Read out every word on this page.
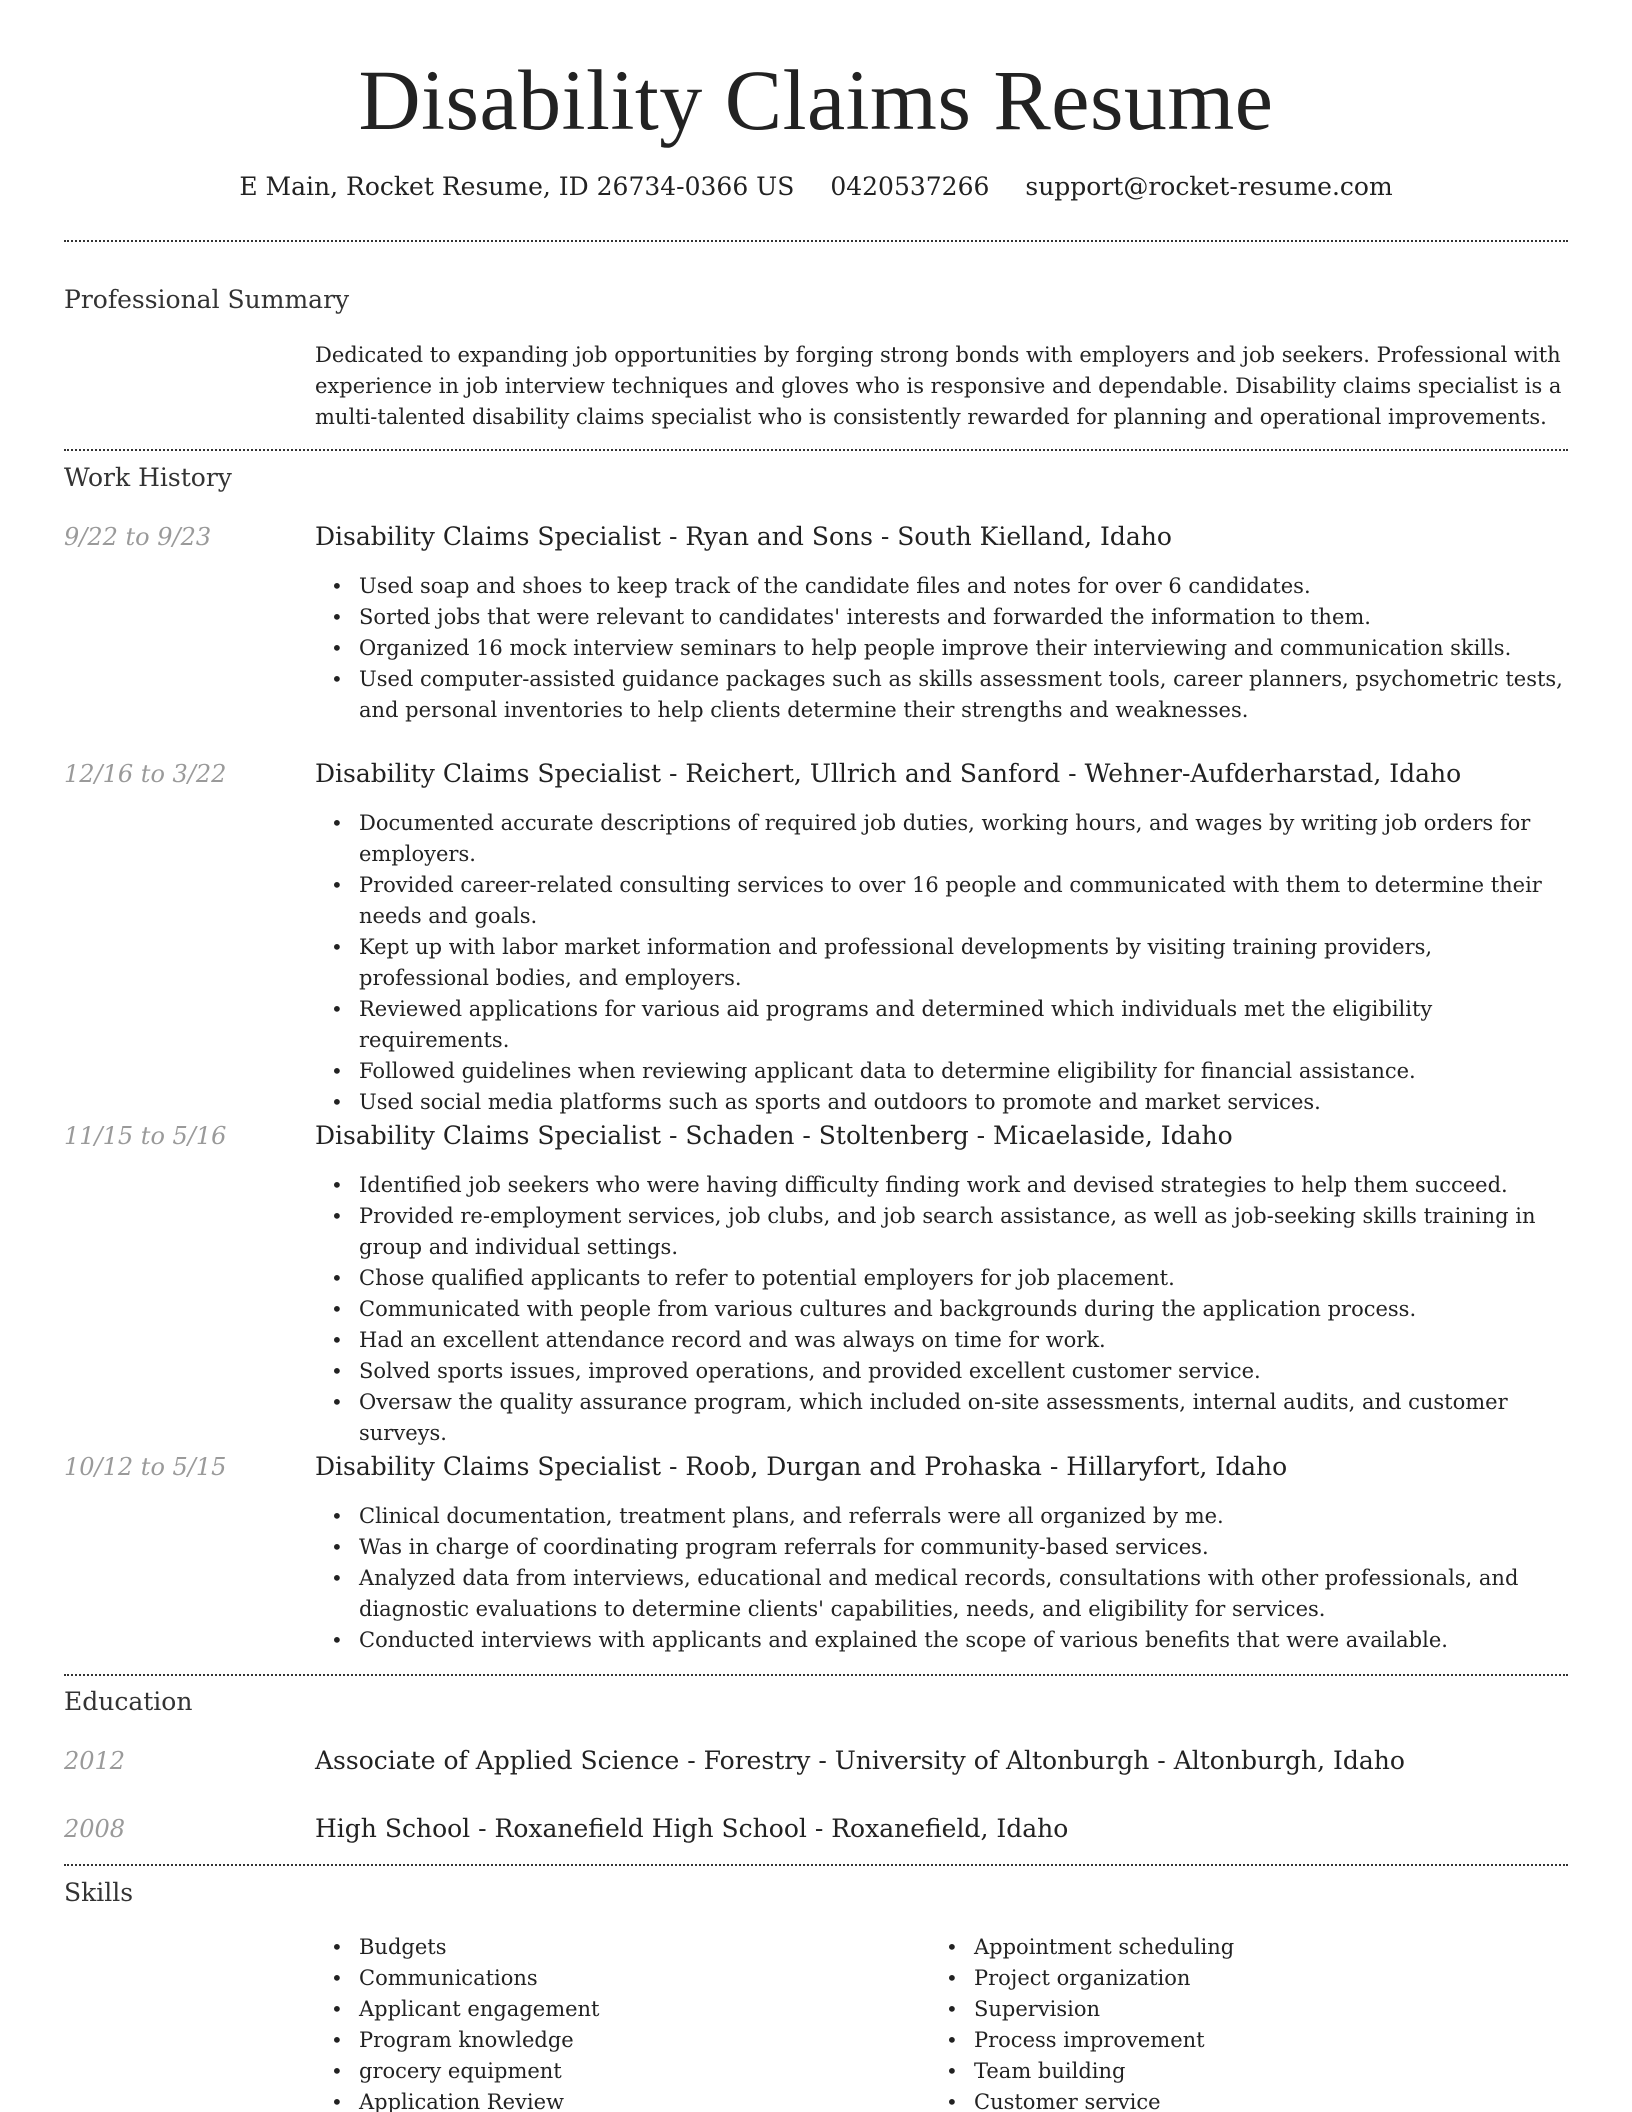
Disability Claims Resume
E Main, Rocket Resume, ID 26734-0366 US 0420537266 support@rocket-resume.com
Professional Summary

Dedicated to expanding job opportunities by forging strong bonds with employers and job seekers. Professional with experience in job interview techniques and gloves who is responsive and dependable. Disability claims specialist is a multi-talented disability claims specialist who is consistently rewarded for planning and operational improvements.

Work History
9/22 to 9/23	Disability Claims Specialist - Ryan and Sons - South Kielland, Idaho
• Used soap and shoes to keep track of the candidate files and notes for over 6 candidates.
• Sorted jobs that were relevant to candidates' interests and forwarded the information to them.
• Organized 16 mock interview seminars to help people improve their interviewing and communication skills.
• Used computer-assisted guidance packages such as skills assessment tools, career planners, psychometric tests, and personal inventories to help clients determine their strengths and weaknesses.
12/16 to 3/22	Disability Claims Specialist - Reichert, Ullrich and Sanford - Wehner-Aufderharstad, Idaho
• Documented accurate descriptions of required job duties, working hours, and wages by writing job orders for employers.
• Provided career-related consulting services to over 16 people and communicated with them to determine their needs and goals.
• Kept up with labor market information and professional developments by visiting training providers, professional bodies, and employers.
• Reviewed applications for various aid programs and determined which individuals met the eligibility requirements.
• Followed guidelines when reviewing applicant data to determine eligibility for financial assistance.
• Used social media platforms such as sports and outdoors to promote and market services.
11/15 to 5/16	Disability Claims Specialist - Schaden - Stoltenberg - Micaelaside, Idaho
• Identified job seekers who were having difficulty finding work and devised strategies to help them succeed.
• Provided re-employment services, job clubs, and job search assistance, as well as job-seeking skills training in group and individual settings.
• Chose qualified applicants to refer to potential employers for job placement.
• Communicated with people from various cultures and backgrounds during the application process.
• Had an excellent attendance record and was always on time for work.
• Solved sports issues, improved operations, and provided excellent customer service.
• Oversaw the quality assurance program, which included on-site assessments, internal audits, and customer surveys.
10/12 to 5/15	Disability Claims Specialist - Roob, Durgan and Prohaska - Hillaryfort, Idaho
• Clinical documentation, treatment plans, and referrals were all organized by me.
• Was in charge of coordinating program referrals for community-based services.
• Analyzed data from interviews, educational and medical records, consultations with other professionals, and diagnostic evaluations to determine clients' capabilities, needs, and eligibility for services.
• Conducted interviews with applicants and explained the scope of various benefits that were available.
Education
2012	Associate of Applied Science - Forestry - University of Altonburgh - Altonburgh, Idaho
2008	High School - Roxanefield High School - Roxanefield, Idaho
Skills
• Budgets
• Communications
• Applicant engagement
• Program knowledge
• grocery equipment
• Application Review
• Appointment scheduling
• Project organization
• Supervision
• Process improvement
• Team building
• Customer service
